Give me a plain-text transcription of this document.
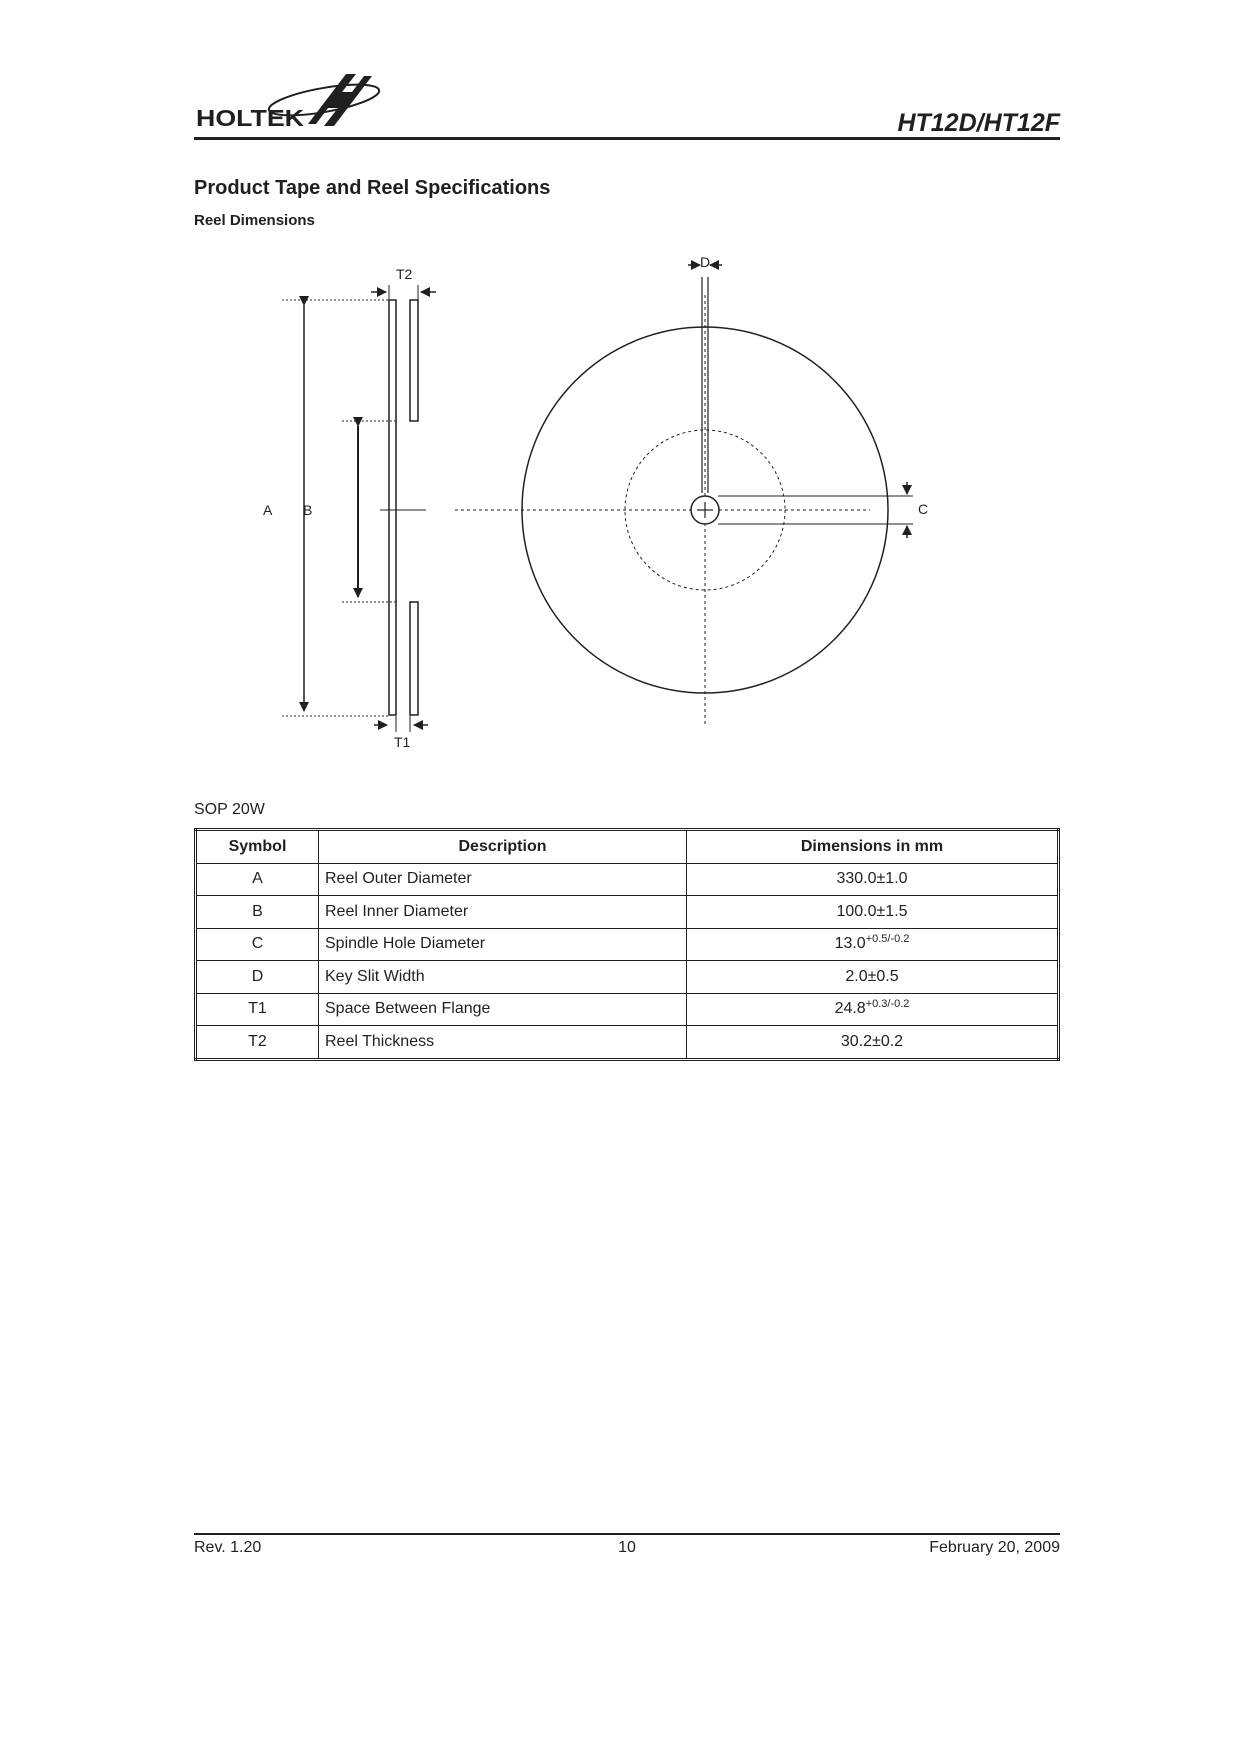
HOLTEK	HT12D/HT12F
Product Tape and Reel Specifications
Reel Dimensions
T2
D
A B	C
T1
SOP 20W
Symbol	Description	Dimensions in mm
A	Reel Outer Diameter	330.0±1.0
B	Reel Inner Diameter	100.0±1.5
C	Spindle Hole Diameter	$13.0^{+0.5/-0.2}$
D	Key Slit Width	2.0±0.5
T1	Space Between Flange	$24.8^{+0.3/-0.2}$
T2	Reel Thickness	30.2±0.2
Rev. 1.20	10	February 20, 2009
